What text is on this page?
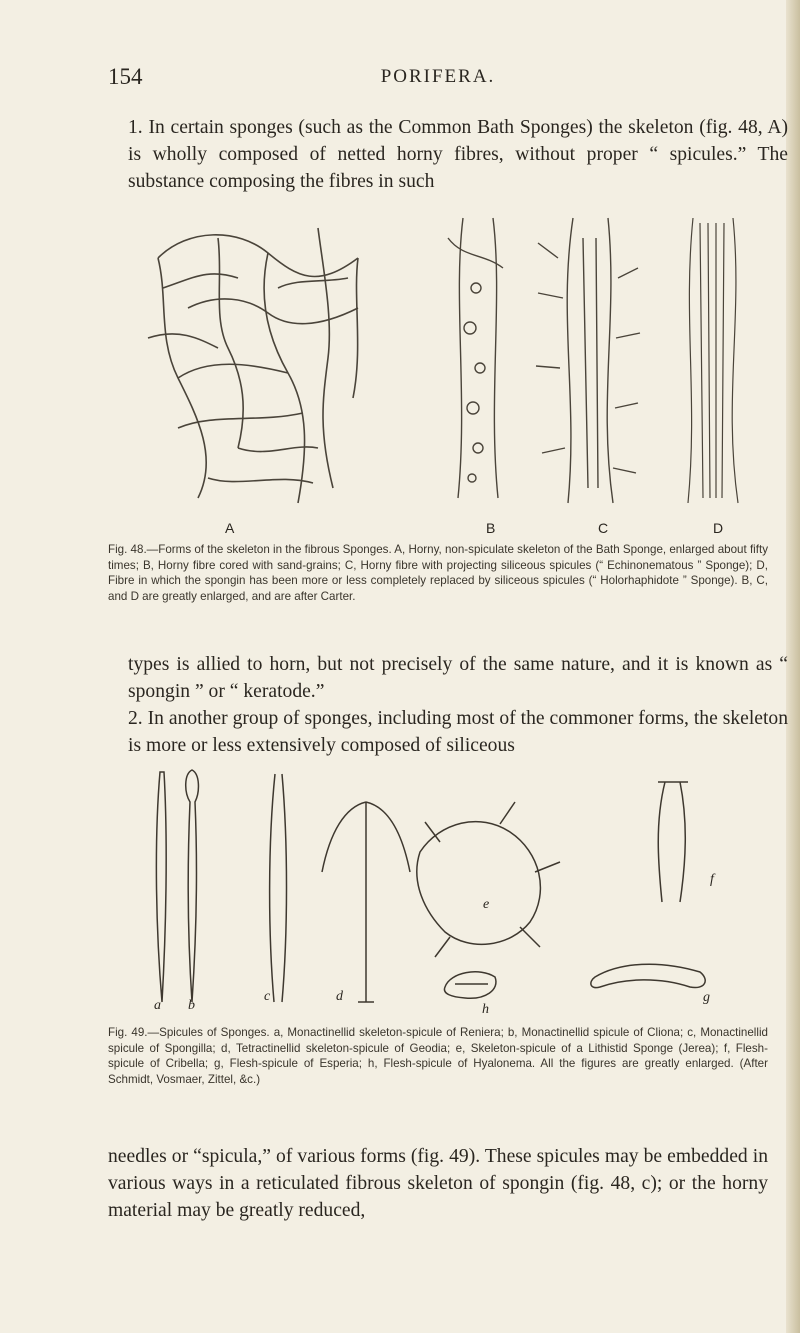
154	PORIFERA.

1. In certain sponges (such as the Common Bath Sponges) the skeleton (fig. 48, A) is wholly composed of netted horny fibres, without proper “ spicules.” The substance composing the fibres in such

A	B	C	D

Fig. 48.—Forms of the skeleton in the fibrous Sponges. A, Horny, non-spiculate skeleton of the Bath Sponge, enlarged about fifty times; B, Horny fibre cored with sand-grains; C, Horny fibre with projecting siliceous spicules (“ Echinonematous ” Sponge); D, Fibre in which the spongin has been more or less completely replaced by siliceous spicules (“ Holorhaphidote ” Sponge). B, C, and D are greatly enlarged, and are after Carter.

types is allied to horn, but not precisely of the same nature, and it is known as “ spongin ” or “ keratode.”

2. In another group of sponges, including most of the commoner forms, the skeleton is more or less extensively composed of siliceous

a b
c	d
e
f
g
h

Fig. 49.—Spicules of Sponges. a, Monactinellid skeleton-spicule of Reniera; b, Monactinellid spicule of Cliona; c, Monactinellid spicule of Spongilla; d, Tetractinellid skeleton-spicule of Geodia; e, Skeleton-spicule of a Lithistid Sponge (Jerea); f, Flesh-spicule of Cribella; g, Flesh-spicule of Esperia; h, Flesh-spicule of Hyalonema. All the figures are greatly enlarged. (After Schmidt, Vosmaer, Zittel, &c.)

needles or “spicula,” of various forms (fig. 49). These spicules may be embedded in various ways in a reticulated fibrous skeleton of spongin (fig. 48, c); or the horny material may be greatly reduced,
